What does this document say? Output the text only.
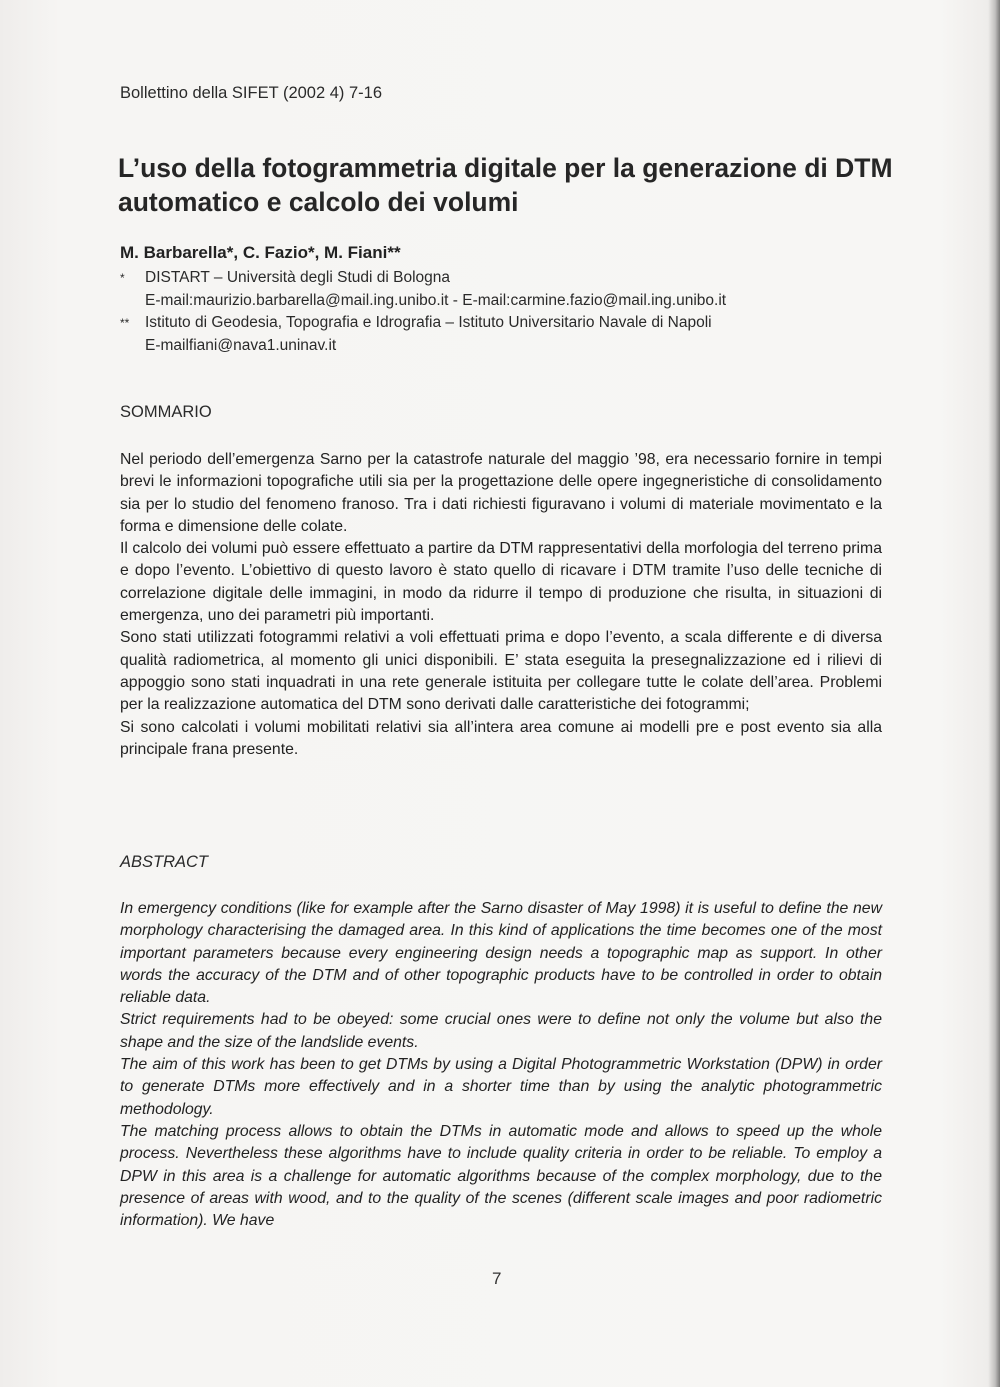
Bollettino della SIFET (2002 4) 7-16
L’uso della fotogrammetria digitale per la generazione di DTM automatico e calcolo dei volumi
M. Barbarella*, C. Fazio*, M. Fiani**
* DISTART – Università degli Studi di Bologna
E-mail:maurizio.barbarella@mail.ing.unibo.it - E-mail:carmine.fazio@mail.ing.unibo.it
** Istituto di Geodesia, Topografia e Idrografia – Istituto Universitario Navale di Napoli
E-mailfiani@nava1.uninav.it
SOMMARIO

Nel periodo dell’emergenza Sarno per la catastrofe naturale del maggio ’98, era necessario fornire in tempi brevi le informazioni topografiche utili sia per la progettazione delle opere ingegneristiche di consolidamento sia per lo studio del fenomeno franoso. Tra i dati richiesti figuravano i volumi di materiale movimentato e la forma e dimensione delle colate.

Il calcolo dei volumi può essere effettuato a partire da DTM rappresentativi della morfologia del terreno prima e dopo l’evento. L’obiettivo di questo lavoro è stato quello di ricavare i DTM tramite l’uso delle tecniche di correlazione digitale delle immagini, in modo da ridurre il tempo di produzione che risulta, in situazioni di emergenza, uno dei parametri più importanti.

Sono stati utilizzati fotogrammi relativi a voli effettuati prima e dopo l’evento, a scala differente e di diversa qualità radiometrica, al momento gli unici disponibili. E’ stata eseguita la presegnalizzazione ed i rilievi di appoggio sono stati inquadrati in una rete generale istituita per collegare tutte le colate dell’area. Problemi per la realizzazione automatica del DTM sono derivati dalle caratteristiche dei fotogrammi;

Si sono calcolati i volumi mobilitati relativi sia all’intera area comune ai modelli pre e post evento sia alla principale frana presente.

ABSTRACT

In emergency conditions (like for example after the Sarno disaster of May 1998) it is useful to define the new morphology characterising the damaged area. In this kind of applications the time becomes one of the most important parameters because every engineering design needs a topographic map as support. In other words the accuracy of the DTM and of other topographic products have to be controlled in order to obtain reliable data.

Strict requirements had to be obeyed: some crucial ones were to define not only the volume but also the shape and the size of the landslide events.

The aim of this work has been to get DTMs by using a Digital Photogrammetric Workstation (DPW) in order to generate DTMs more effectively and in a shorter time than by using the analytic photogrammetric methodology.

The matching process allows to obtain the DTMs in automatic mode and allows to speed up the whole process. Nevertheless these algorithms have to include quality criteria in order to be reliable. To employ a DPW in this area is a challenge for automatic algorithms because of the complex morphology, due to the presence of areas with wood, and to the quality of the scenes (different scale images and poor radiometric information). We have

7
